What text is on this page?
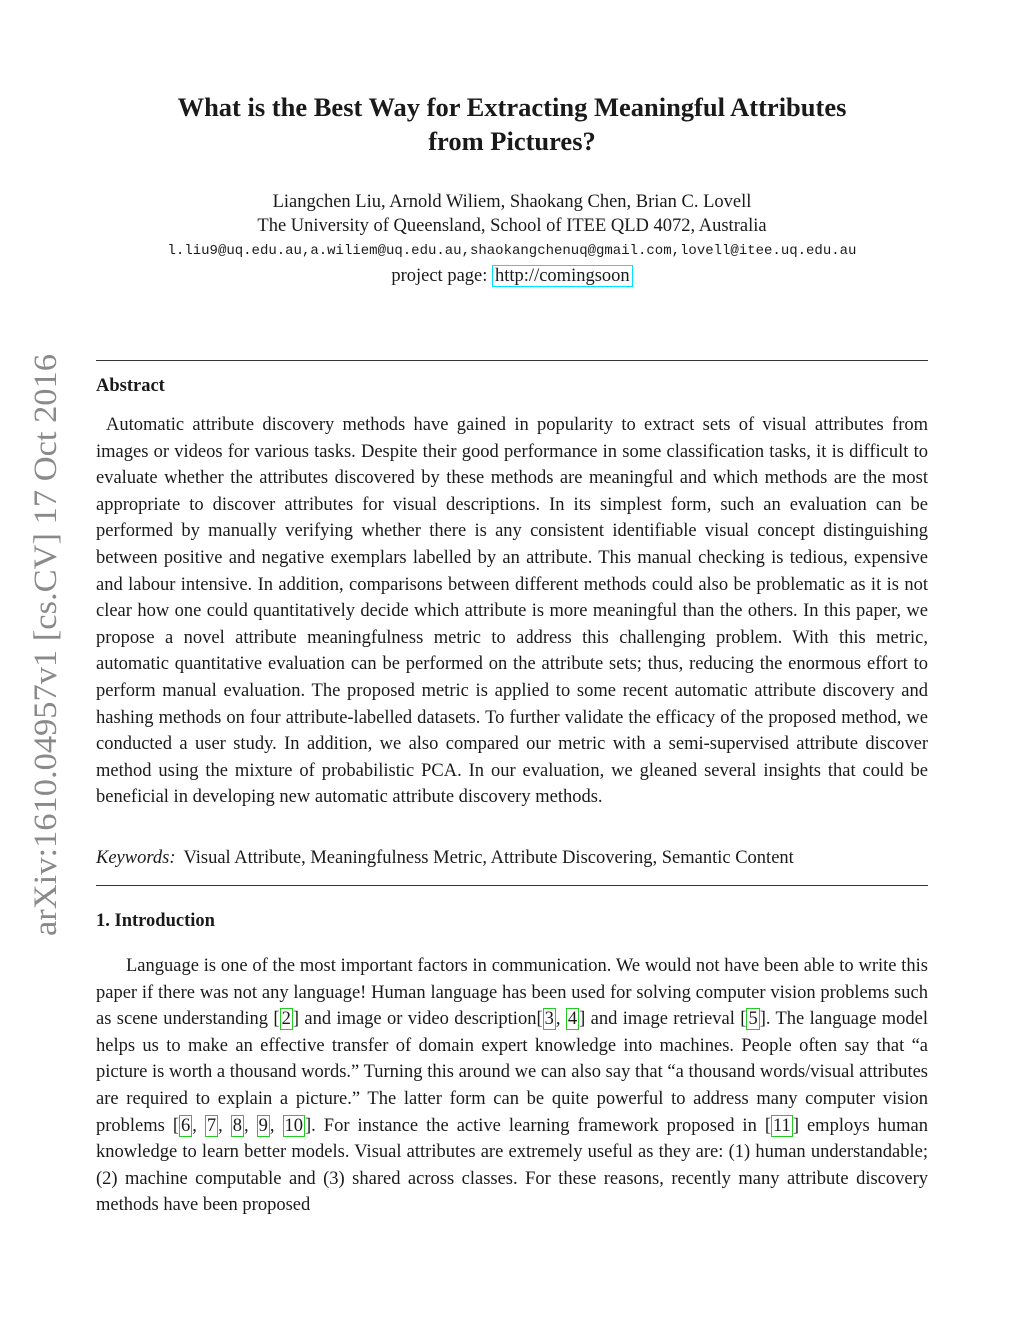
arXiv:1610.04957v1 [cs.CV] 17 Oct 2016
What is the Best Way for Extracting Meaningful Attributes
from Pictures?
Liangchen Liu, Arnold Wiliem, Shaokang Chen, Brian C. Lovell
The University of Queensland, School of ITEE QLD 4072, Australia
l.liu9@uq.edu.au,a.wiliem@uq.edu.au,shaokangchenuq@gmail.com,lovell@itee.uq.edu.au
project page: http://comingsoon
Abstract

Automatic attribute discovery methods have gained in popularity to extract sets of visual attributes from images or videos for various tasks. Despite their good performance in some classification tasks, it is difficult to evaluate whether the attributes discovered by these methods are meaningful and which methods are the most appropriate to discover attributes for visual descriptions. In its simplest form, such an evaluation can be performed by manually verifying whether there is any consistent identifiable visual concept distinguishing between positive and negative exemplars labelled by an attribute. This manual checking is tedious, expensive and labour intensive. In addition, comparisons between different methods could also be problematic as it is not clear how one could quantitatively decide which attribute is more meaningful than the others. In this paper, we propose a novel attribute meaningfulness metric to address this challenging problem. With this metric, automatic quantitative evaluation can be performed on the attribute sets; thus, reducing the enormous effort to perform manual evaluation. The proposed metric is applied to some recent automatic attribute discovery and hashing methods on four attribute-labelled datasets. To further validate the efficacy of the proposed method, we conducted a user study. In addition, we also compared our metric with a semi-supervised attribute discover method using the mixture of probabilistic PCA. In our evaluation, we gleaned several insights that could be beneficial in developing new automatic attribute discovery methods.

Keywords: Visual Attribute, Meaningfulness Metric, Attribute Discovering, Semantic Content
1. Introduction

Language is one of the most important factors in communication. We would not have been able to write this paper if there was not any language! Human language has been used for solving computer vision problems such as scene understanding [ 2 ] and image or video description[ 3 , 4 ] and image retrieval [ 5 ]. The language model helps us to make an effective transfer of domain expert knowledge into machines. People often say that “a picture is worth a thousand words.” Turning this around we can also say that “a thousand words/visual attributes are required to explain a picture.” The latter form can be quite powerful to address many computer vision problems [ 6 , 7 , 8 , 9 , 10 ]. For instance the active learning framework proposed in [ 11 ] employs human knowledge to learn better models. Visual attributes are extremely useful as they are: (1) human understandable; (2) machine computable and (3) shared across classes. For these reasons, recently many attribute discovery methods have been proposed
